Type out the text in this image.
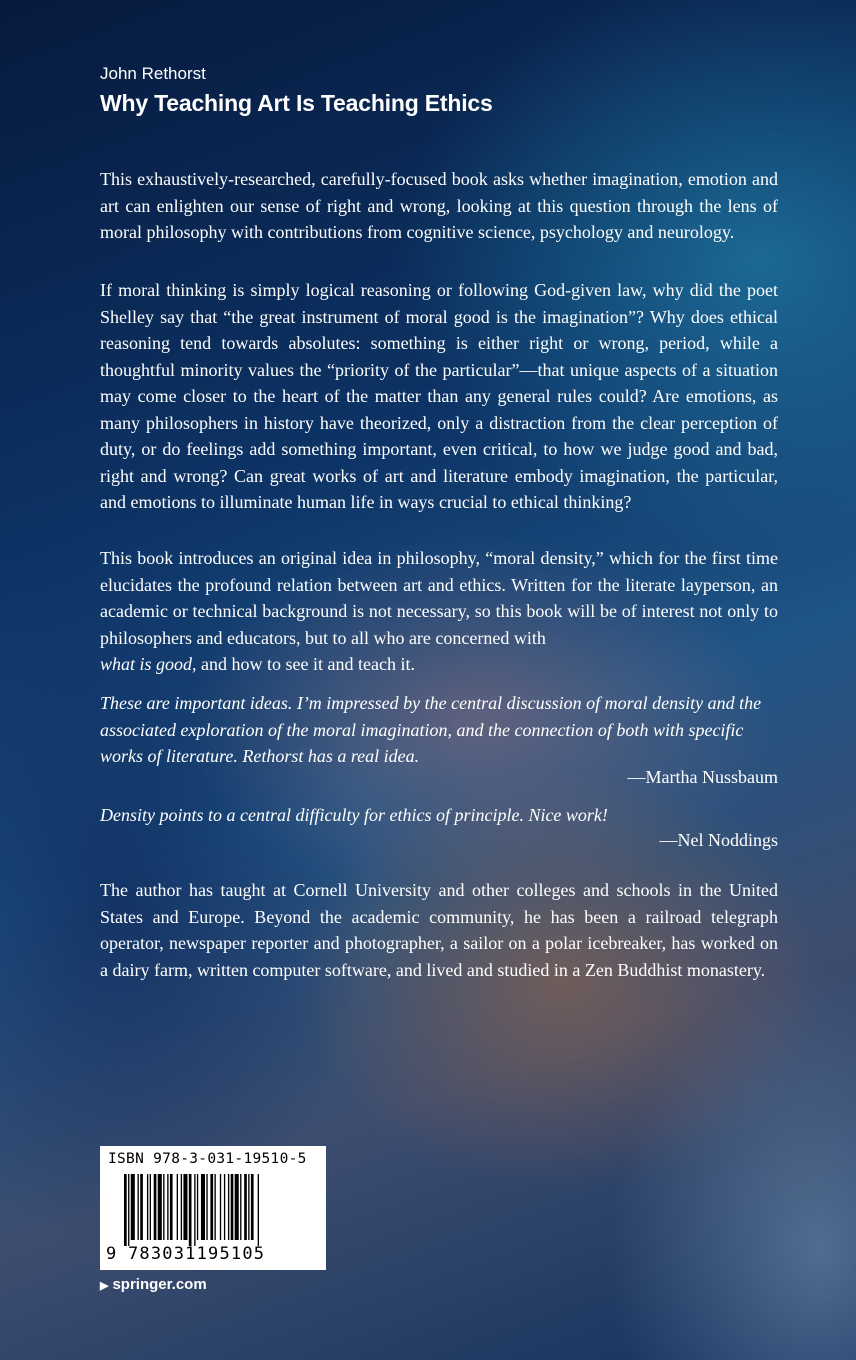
John Rethorst
Why Teaching Art Is Teaching Ethics

This exhaustively-researched, carefully-focused book asks whether imagination, emotion and art can enlighten our sense of right and wrong, looking at this question through the lens of moral philosophy with contributions from cognitive science, psychology and neurology.

If moral thinking is simply logical reasoning or following God-given law, why did the poet Shelley say that “the great instrument of moral good is the imagination”? Why does ethical reasoning tend towards absolutes: something is either right or wrong, period, while a thoughtful minority values the “priority of the particular”—that unique aspects of a situation may come closer to the heart of the matter than any general rules could? Are emotions, as many philosophers in history have theorized, only a distraction from the clear perception of duty, or do feelings add something important, even critical, to how we judge good and bad, right and wrong? Can great works of art and literature embody imagination, the particular, and emotions to illuminate human life in ways crucial to ethical thinking?

This book introduces an original idea in philosophy, “moral density,” which for the first time elucidates the profound relation between art and ethics. Written for the literate layperson, an academic or technical background is not necessary, so this book will be of interest not only to philosophers and educators, but to all who are concerned with
what is good, and how to see it and teach it.

These are important ideas. I’m impressed by the central discussion of moral density and the associated exploration of the moral imagination, and the connection of both with specific works of literature. Rethorst has a real idea.

—Martha Nussbaum

Density points to a central difficulty for ethics of principle. Nice work!

—Nel Noddings

The author has taught at Cornell University and other colleges and schools in the United States and Europe. Beyond the academic community, he has been a railroad telegraph operator, newspaper reporter and photographer, a sailor on a polar icebreaker, has worked on a dairy farm, written computer software, and lived and studied in a Zen Buddhist monastery.

ISBN 978-3-031-19510-5
9 783031195105
▶ springer.com
